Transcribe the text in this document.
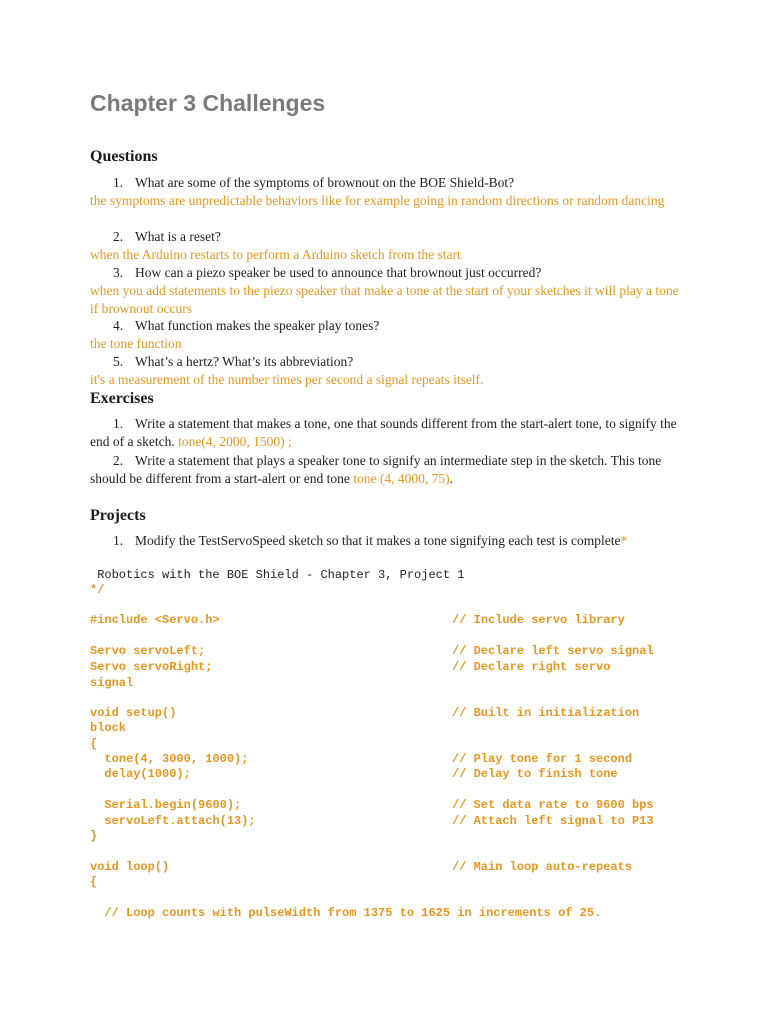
Chapter 3 Challenges
Questions
1. What are some of the symptoms of brownout on the BOE Shield-Bot?
the symptoms are unpredictable behaviors like for example going in random directions or random dancing
2. What is a reset?
when the Arduino restarts to perform a Arduino sketch from the start
3. How can a piezo speaker be used to announce that brownout just occurred?
when you add statements to the piezo speaker that make a tone at the start of your sketches it will play a tone if brownout occurs
4. What function makes the speaker play tones?
the tone function
5. What’s a hertz? What’s its abbreviation?
it's a measurement of the number times per second a signal repeats itself.
Exercises
1. Write a statement that makes a tone, one that sounds different from the start-alert tone, to signify the end of a sketch. tone(4, 2000, 1500) ;
2. Write a statement that plays a speaker tone to signify an intermediate step in the sketch. This tone should be different from a start-alert or end tone tone (4, 4000, 75).
Projects
1. Modify the TestServoSpeed sketch so that it makes a tone signifying each test is complete*
Robotics with the BOE Shield - Chapter 3, Project 1
*/
#include <Servo.h>	// Include servo library
Servo servoLeft;	// Declare left servo signal
Servo servoRight;	// Declare right servo
signal
void setup()	// Built in initialization
block
{
tone(4, 3000, 1000);	// Play tone for 1 second
delay(1000);	// Delay to finish tone
Serial.begin(9600);	// Set data rate to 9600 bps
servoLeft.attach(13);	// Attach left signal to P13
}
void loop()	// Main loop auto-repeats
{
// Loop counts with pulseWidth from 1375 to 1625 in increments of 25.
